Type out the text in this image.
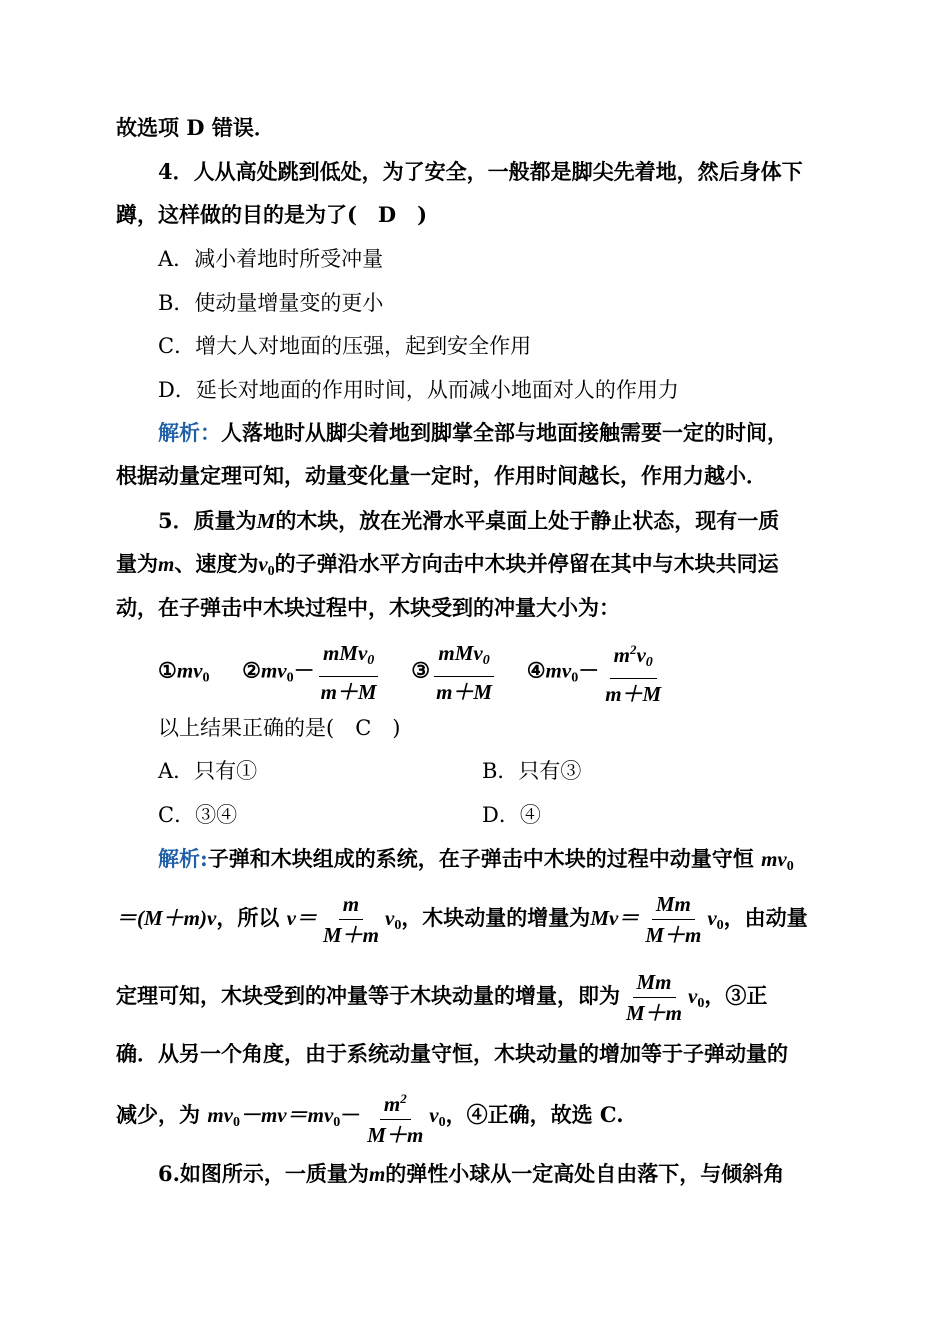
故选项 D 错误．
4．人从高处跳到低处，为了安全，一般都是脚尖先着地，然后身体下
蹲，这样做的目的是为了(　D　)
A．减小着地时所受冲量
B．使动量增量变的更小
C．增大人对地面的压强，起到安全作用
D．延长对地面的作用时间，从而减小地面对人的作用力
解析：人落地时从脚尖着地到脚掌全部与地面接触需要一定的时间，
根据动量定理可知，动量变化量一定时，作用时间越长，作用力越小．
5．质量为M的木块，放在光滑水平桌面上处于静止状态，现有一质
量为m、速度为$v_0$的子弹沿水平方向击中木块并停留在其中与木块共同运
动，在子弹击中木块过程中，木块受到的冲量大小为：
$①mv_0$ $②mv_0- \frac{mMv_0}{m+M}$ ③ $\frac{mMv_0}{m+M}$ $④mv_0- \frac{m^2v_0}{m+M}$
以上结果正确的是(　C　)
A．只有①	B．只有③
C．③④	D．④
解析:子弹和木块组成的系统，在子弹击中木块的过程中动量守恒 $mv_0$
＝(M＋m)v，所以 $v= \frac{m}{M+m} v_0$，木块动量的增量为$Mv= \frac{Mm}{M+m} v_0$，由动量
定理可知，木块受到的冲量等于木块动量的增量，即为 $\frac{Mm}{M+m} v_0$，③正
确．从另一个角度，由于系统动量守恒，木块动量的增加等于子弹动量的
减少，为 $mv_0-mv=mv_0- \frac{m^2}{M+m} v_0$，④正确，故选 C.
6.如图所示，一质量为m的弹性小球从一定高处自由落下，与倾斜角
